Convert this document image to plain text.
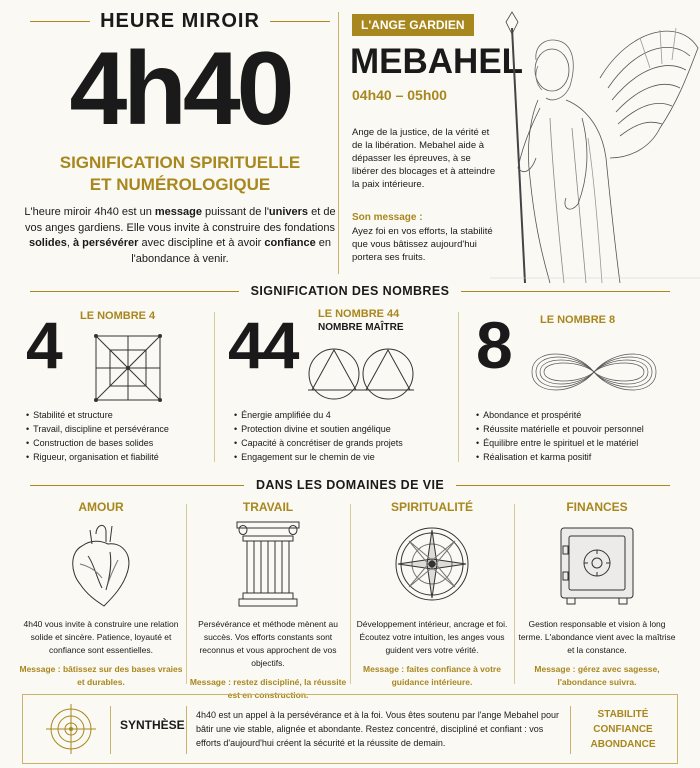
HEURE MIROIR
4h40
SIGNIFICATION SPIRITUELLE
ET NUMÉROLOGIQUE
L'heure miroir 4h40 est un message puissant de l'univers et de vos anges gardiens. Elle vous invite à construire des fondations solides, à persévérer avec discipline et à avoir confiance en l'abondance à venir.
L'ANGE GARDIEN
MEBAHEL
04h40 – 05h00
Ange de la justice, de la vérité et de la libération. Mebahel aide à dépasser les épreuves, à se libérer des blocages et à atteindre la paix intérieure.
Son message :
Ayez foi en vos efforts, la stabilité que vous bâtissez aujourd'hui portera ses fruits.
SIGNIFICATION DES NOMBRES
4 LE NOMBRE 4
• Stabilité et structure
• Travail, discipline et persévérance
• Construction de bases solides
• Rigueur, organisation et fiabilité
44 LE NOMBRE 44
NOMBRE MAÎTRE
• Énergie amplifiée du 4
• Protection divine et soutien angélique
• Capacité à concrétiser de grands projets
• Engagement sur le chemin de vie
8	LE NOMBRE 8
• Abondance et prospérité
• Réussite matérielle et pouvoir personnel
• Équilibre entre le spirituel et le matériel
• Réalisation et karma positif
DANS LES DOMAINES DE VIE
AMOUR
4h40 vous invite à construire une relation solide et sincère. Patience, loyauté et confiance sont essentielles.
Message : bâtissez sur des bases vraies et durables.
TRAVAIL
Persévérance et méthode mènent au succès. Vos efforts constants sont reconnus et vous approchent de vos objectifs.
Message : restez discipliné, la réussite est en construction.
SPIRITUALITÉ
Développement intérieur, ancrage et foi. Écoutez votre intuition, les anges vous guident vers votre vérité.
Message : faites confiance à votre guidance intérieure.
FINANCES
Gestion responsable et vision à long terme. L'abondance vient avec la maîtrise et la constance.
Message : gérez avec sagesse, l'abondance suivra.
SYNTHÈSE
4h40 est un appel à la persévérance et à la foi. Vous êtes soutenu par l'ange Mebahel pour bâtir une vie stable, alignée et abondante. Restez concentré, discipliné et confiant : vos efforts d'aujourd'hui créent la sécurité et la réussite de demain.
STABILITÉ
CONFIANCE
ABONDANCE
